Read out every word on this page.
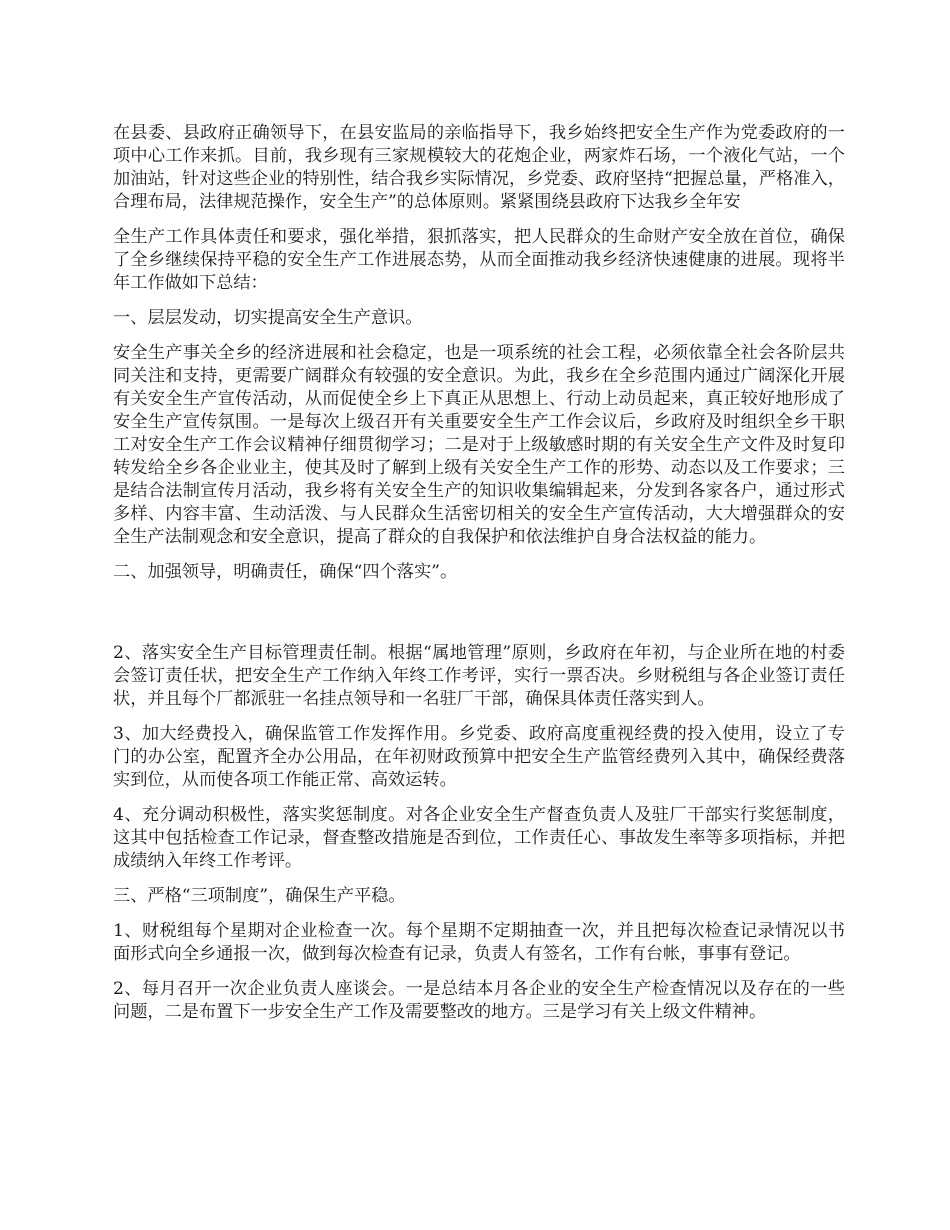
在县委、县政府正确领导下，在县安监局的亲临指导下，我乡始终把安全生产作为党委政府的一项中心工作来抓。目前，我乡现有三家规模较大的花炮企业，两家炸石场，一个液化气站，一个加油站，针对这些企业的特别性，结合我乡实际情况，乡党委、政府坚持“把握总量，严格准入，合理布局，法律规范操作，安全生产”的总体原则。紧紧围绕县政府下达我乡全年安

全生产工作具体责任和要求，强化举措，狠抓落实，把人民群众的生命财产安全放在首位，确保了全乡继续保持平稳的安全生产工作进展态势，从而全面推动我乡经济快速健康的进展。现将半年工作做如下总结：

一、层层发动，切实提高安全生产意识。

安全生产事关全乡的经济进展和社会稳定，也是一项系统的社会工程，必须依靠全社会各阶层共同关注和支持，更需要广阔群众有较强的安全意识。为此，我乡在全乡范围内通过广阔深化开展有关安全生产宣传活动，从而促使全乡上下真正从思想上、行动上动员起来，真正较好地形成了安全生产宣传氛围。一是每次上级召开有关重要安全生产工作会议后，乡政府及时组织全乡干职工对安全生产工作会议精神仔细贯彻学习；二是对于上级敏感时期的有关安全生产文件及时复印转发给全乡各企业业主，使其及时了解到上级有关安全生产工作的形势、动态以及工作要求；三是结合法制宣传月活动，我乡将有关安全生产的知识收集编辑起来，分发到各家各户，通过形式多样、内容丰富、生动活泼、与人民群众生活密切相关的安全生产宣传活动，大大增强群众的安全生产法制观念和安全意识，提高了群众的自我保护和依法维护自身合法权益的能力。

二、加强领导，明确责任，确保“四个落实”。

2、落实安全生产目标管理责任制。根据“属地管理”原则，乡政府在年初，与企业所在地的村委会签订责任状，把安全生产工作纳入年终工作考评，实行一票否决。乡财税组与各企业签订责任状，并且每个厂都派驻一名挂点领导和一名驻厂干部，确保具体责任落实到人。

3、加大经费投入，确保监管工作发挥作用。乡党委、政府高度重视经费的投入使用，设立了专门的办公室，配置齐全办公用品，在年初财政预算中把安全生产监管经费列入其中，确保经费落实到位，从而使各项工作能正常、高效运转。

4、充分调动积极性，落实奖惩制度。对各企业安全生产督查负责人及驻厂干部实行奖惩制度，这其中包括检查工作记录，督查整改措施是否到位，工作责任心、事故发生率等多项指标，并把成绩纳入年终工作考评。

三、严格“三项制度”，确保生产平稳。

1、财税组每个星期对企业检查一次。每个星期不定期抽查一次，并且把每次检查记录情况以书面形式向全乡通报一次，做到每次检查有记录，负责人有签名，工作有台帐，事事有登记。

2、每月召开一次企业负责人座谈会。一是总结本月各企业的安全生产检查情况以及存在的一些问题，二是布置下一步安全生产工作及需要整改的地方。三是学习有关上级文件精神。
